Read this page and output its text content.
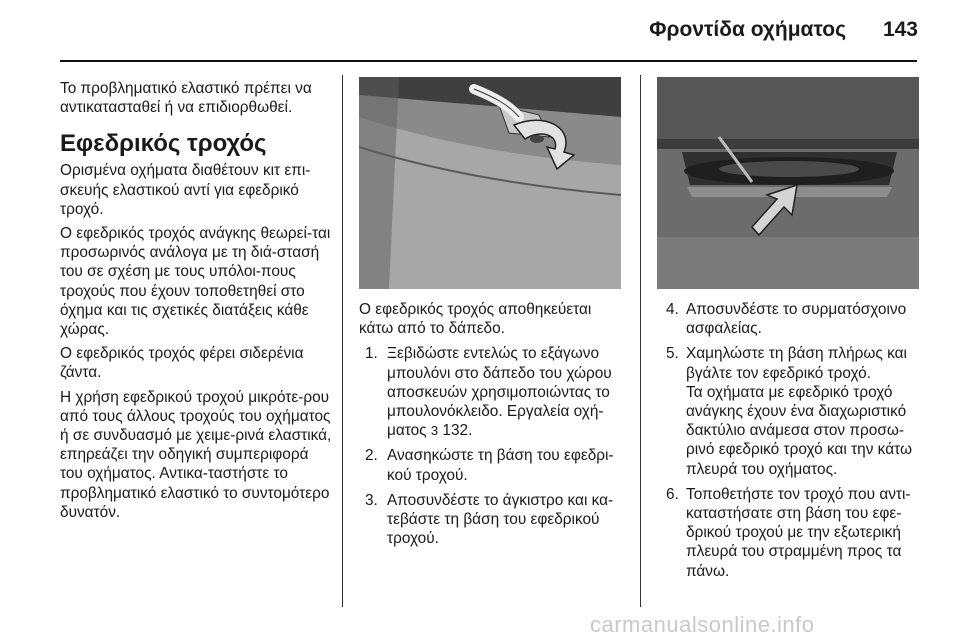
Φροντίδα οχήματος 143

Το προβληματικό ελαστικό πρέπει να αντικατασταθεί ή να επιδιορθωθεί.

Εφεδρικός τροχός

Ορισμένα οχήματα διαθέτουν κιτ επι-σκευής ελαστικού αντί για εφεδρικό τροχό.

Ο εφεδρικός τροχός ανάγκης θεωρεί-ται προσωρινός ανάλογα με τη διά-στασή του σε σχέση με τους υπόλοι-πους τροχούς που έχουν τοποθετηθεί στο όχημα και τις σχετικές διατάξεις κάθε χώρας.

Ο εφεδρικός τροχός φέρει σιδερένια ζάντα.

Η χρήση εφεδρικού τροχού μικρότε-ρου από τους άλλους τροχούς του οχήματος ή σε συνδυασμό με χειμε-ρινά ελαστικά, επηρεάζει την οδηγική συμπεριφορά του οχήματος. Αντικα-ταστήστε το προβληματικό ελαστικό το συντομότερο δυνατόν.

Ο εφεδρικός τροχός αποθηκεύεται κάτω από το δάπεδο.

1. Ξεβιδώστε εντελώς το εξάγωνο μπουλόνι στο δάπεδο του χώρου αποσκευών χρησιμοποιώντας το μπουλονόκλειδο. Εργαλεία οχή-ματος 3 132.
2. Ανασηκώστε τη βάση του εφεδρι-κού τροχού.
3. Αποσυνδέστε το άγκιστρο και κα-τεβάστε τη βάση του εφεδρικού τροχού.
4. Αποσυνδέστε το συρματόσχοινο ασφαλείας.
5. Χαμηλώστε τη βάση πλήρως και βγάλτε τον εφεδρικό τροχό.

Τα οχήματα με εφεδρικό τροχό ανάγκης έχουν ένα διαχωριστικό δακτύλιο ανάμεσα στον προσω-ρινό εφεδρικό τροχό και την κάτω πλευρά του οχήματος.

6. Τοποθετήστε τον τροχό που αντι-καταστήσατε στη βάση του εφε-δρικού τροχού με την εξωτερική πλευρά του στραμμένη προς τα πάνω.
carmanualsonline.info
